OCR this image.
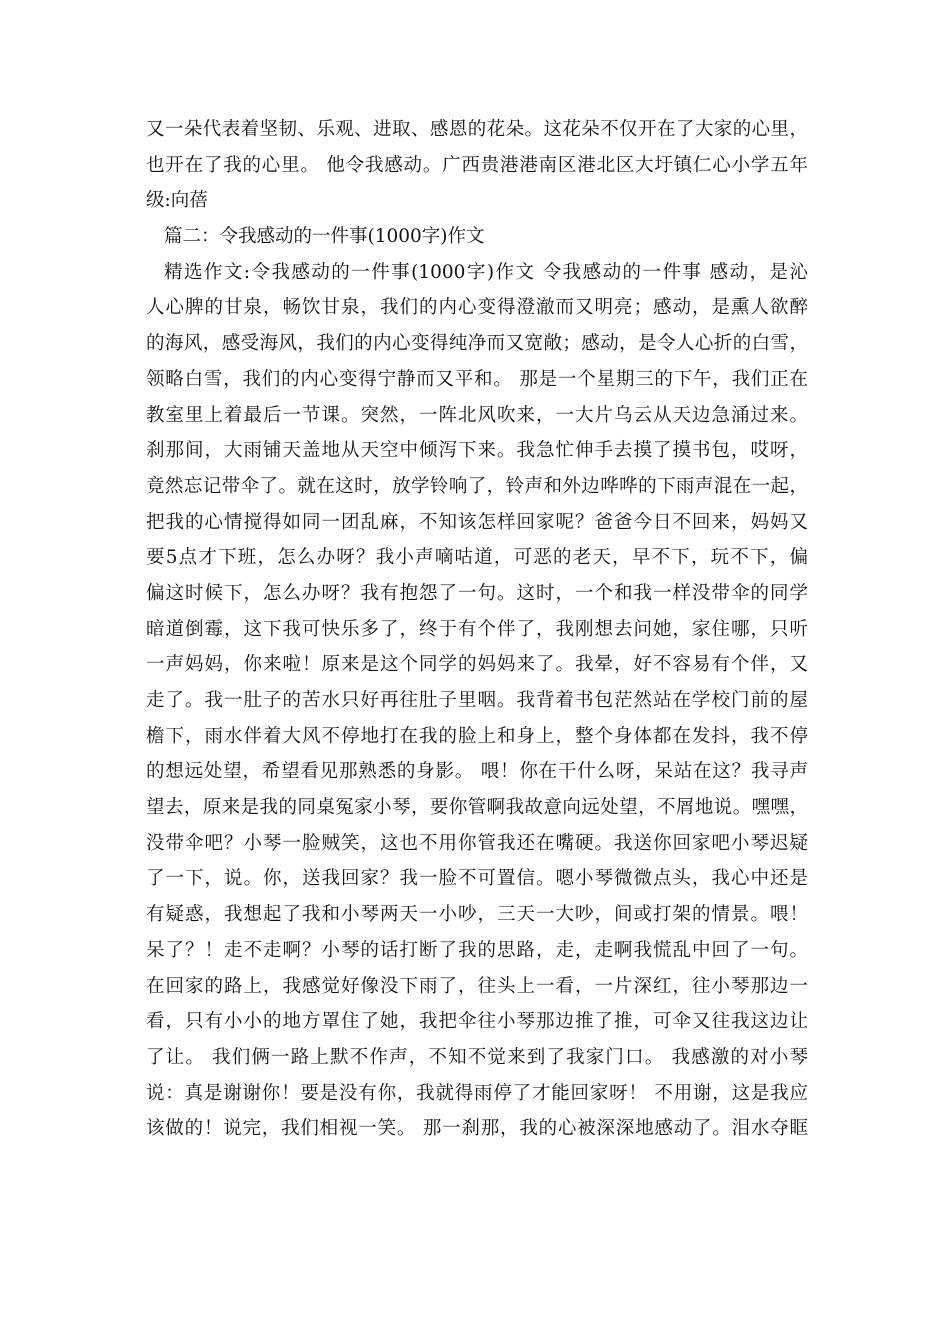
又一朵代表着坚韧、乐观、进取、感恩的花朵。这花朵不仅开在了大家的心里，
也开在了我的心里。 他令我感动。广西贵港港南区港北区大圩镇仁心小学五年
级:向蓓
篇二：令我感动的一件事(1000字)作文
精选作文:令我感动的一件事(1000字)作文 令我感动的一件事 感动，是沁
人心脾的甘泉，畅饮甘泉，我们的内心变得澄澈而又明亮；感动，是熏人欲醉
的海风，感受海风，我们的内心变得纯净而又宽敞；感动，是令人心折的白雪，
领略白雪，我们的内心变得宁静而又平和。 那是一个星期三的下午，我们正在
教室里上着最后一节课。突然，一阵北风吹来，一大片乌云从天边急涌过来。
刹那间，大雨铺天盖地从天空中倾泻下来。我急忙伸手去摸了摸书包，哎呀，
竟然忘记带伞了。就在这时，放学铃响了，铃声和外边哗哗的下雨声混在一起，
把我的心情搅得如同一团乱麻，不知该怎样回家呢？爸爸今日不回来，妈妈又
要5点才下班，怎么办呀？我小声嘀咕道，可恶的老天，早不下，玩不下，偏
偏这时候下，怎么办呀？我有抱怨了一句。这时，一个和我一样没带伞的同学
暗道倒霉，这下我可快乐多了，终于有个伴了，我刚想去问她，家住哪，只听
一声妈妈，你来啦！原来是这个同学的妈妈来了。我晕，好不容易有个伴，又
走了。我一肚子的苦水只好再往肚子里咽。我背着书包茫然站在学校门前的屋
檐下，雨水伴着大风不停地打在我的脸上和身上，整个身体都在发抖，我不停
的想远处望，希望看见那熟悉的身影。 喂！你在干什么呀，呆站在这？我寻声
望去，原来是我的同桌冤家小琴，要你管啊我故意向远处望，不屑地说。嘿嘿，
没带伞吧？小琴一脸贼笑，这也不用你管我还在嘴硬。我送你回家吧小琴迟疑
了一下，说。你，送我回家？我一脸不可置信。嗯小琴微微点头，我心中还是
有疑惑，我想起了我和小琴两天一小吵，三天一大吵，间或打架的情景。喂！
呆了？！走不走啊？小琴的话打断了我的思路，走，走啊我慌乱中回了一句。
在回家的路上，我感觉好像没下雨了，往头上一看，一片深红，往小琴那边一
看，只有小小的地方罩住了她，我把伞往小琴那边推了推，可伞又往我这边让
了让。 我们俩一路上默不作声，不知不觉来到了我家门口。 我感激的对小琴
说：真是谢谢你！要是没有你，我就得雨停了才能回家呀！ 不用谢，这是我应
该做的！说完，我们相视一笑。 那一刹那，我的心被深深地感动了。泪水夺眶
